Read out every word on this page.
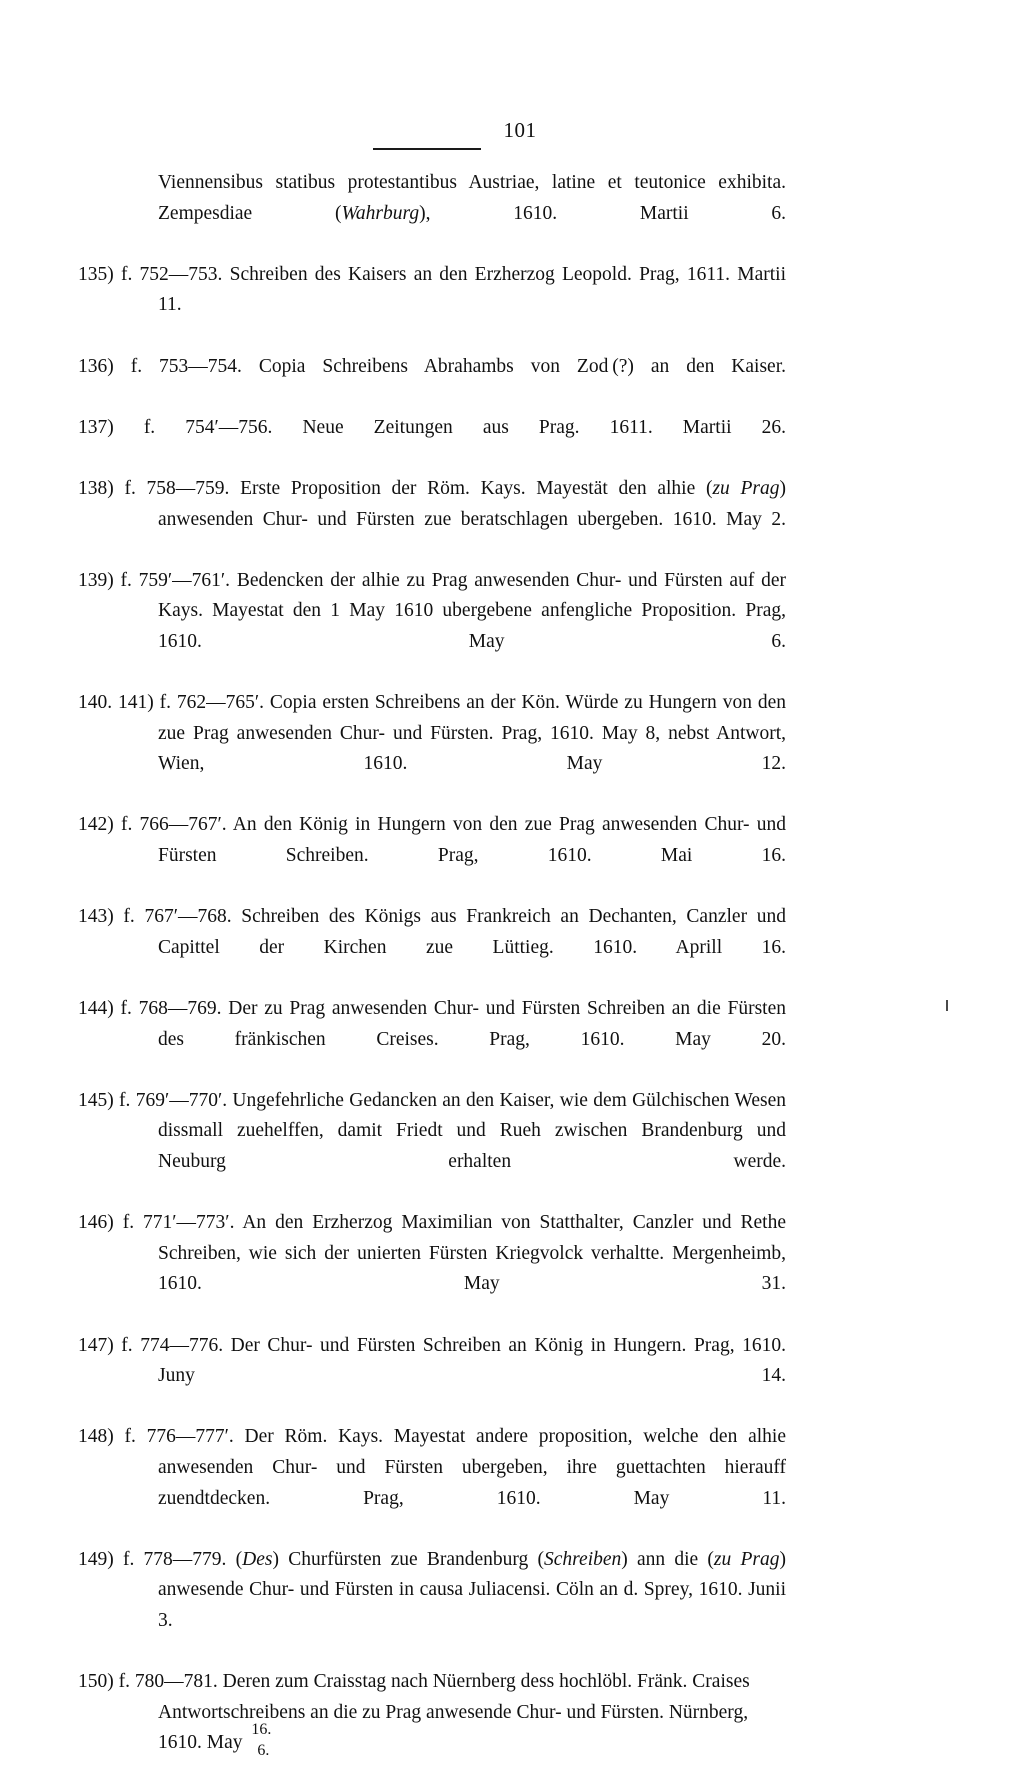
101

Viennensibus statibus protestantibus Austriae, latine et teutonice exhibita. Zempesdiae (Wahrburg), 1610. Martii 6.

135) f. 752—753. Schreiben des Kaisers an den Erzherzog Leopold. Prag, 1611. Martii 11.

136) f. 753—754. Copia Schreibens Abrahambs von Zod (?) an den Kaiser.

137) f. 754′—756. Neue Zeitungen aus Prag. 1611. Martii 26.

138) f. 758—759. Erste Proposition der Röm. Kays. Mayestät den alhie (zu Prag) anwesenden Chur- und Fürsten zue beratschlagen ubergeben. 1610. May 2.

139) f. 759′—761′. Bedencken der alhie zu Prag anwesenden Chur- und Fürsten auf der Kays. Mayestat den 1 May 1610 ubergebene anfengliche Proposition. Prag, 1610. May 6.

140. 141) f. 762—765′. Copia ersten Schreibens an der Kön. Würde zu Hungern von den zue Prag anwesenden Chur- und Fürsten. Prag, 1610. May 8, nebst Antwort, Wien, 1610. May 12.

142) f. 766—767′. An den König in Hungern von den zue Prag anwesenden Chur- und Fürsten Schreiben. Prag, 1610. Mai 16.

143) f. 767′—768. Schreiben des Königs aus Frankreich an Dechanten, Canzler und Capittel der Kirchen zue Lüttieg. 1610. Aprill 16.

144) f. 768—769. Der zu Prag anwesenden Chur- und Fürsten Schreiben an die Fürsten des fränkischen Creises. Prag, 1610. May 20.

145) f. 769′—770′. Ungefehrliche Gedancken an den Kaiser, wie dem Gülchischen Wesen dissmall zuehelffen, damit Friedt und Rueh zwischen Brandenburg und Neuburg erhalten werde.

146) f. 771′—773′. An den Erzherzog Maximilian von Statthalter, Canzler und Rethe Schreiben, wie sich der unierten Fürsten Kriegvolck verhaltte. Mergenheimb, 1610. May 31.

147) f. 774—776. Der Chur- und Fürsten Schreiben an König in Hungern. Prag, 1610. Juny 14.

148) f. 776—777′. Der Röm. Kays. Mayestat andere proposition, welche den alhie anwesenden Chur- und Fürsten ubergeben, ihre guettachten hierauff zuendtdecken. Prag, 1610. May 11.

149) f. 778—779. (Des) Churfürsten zue Brandenburg (Schreiben) ann die (zu Prag) anwesende Chur- und Fürsten in causa Juliacensi. Cöln an d. Sprey, 1610. Junii 3.

150) f. 780—781. Deren zum Craisstag nach Nüernberg dess hochlöbl. Fränk. Craises Antwortschreibens an die zu Prag anwesende Chur- und Fürsten. Nürnberg, 1610. May
16.
6.
